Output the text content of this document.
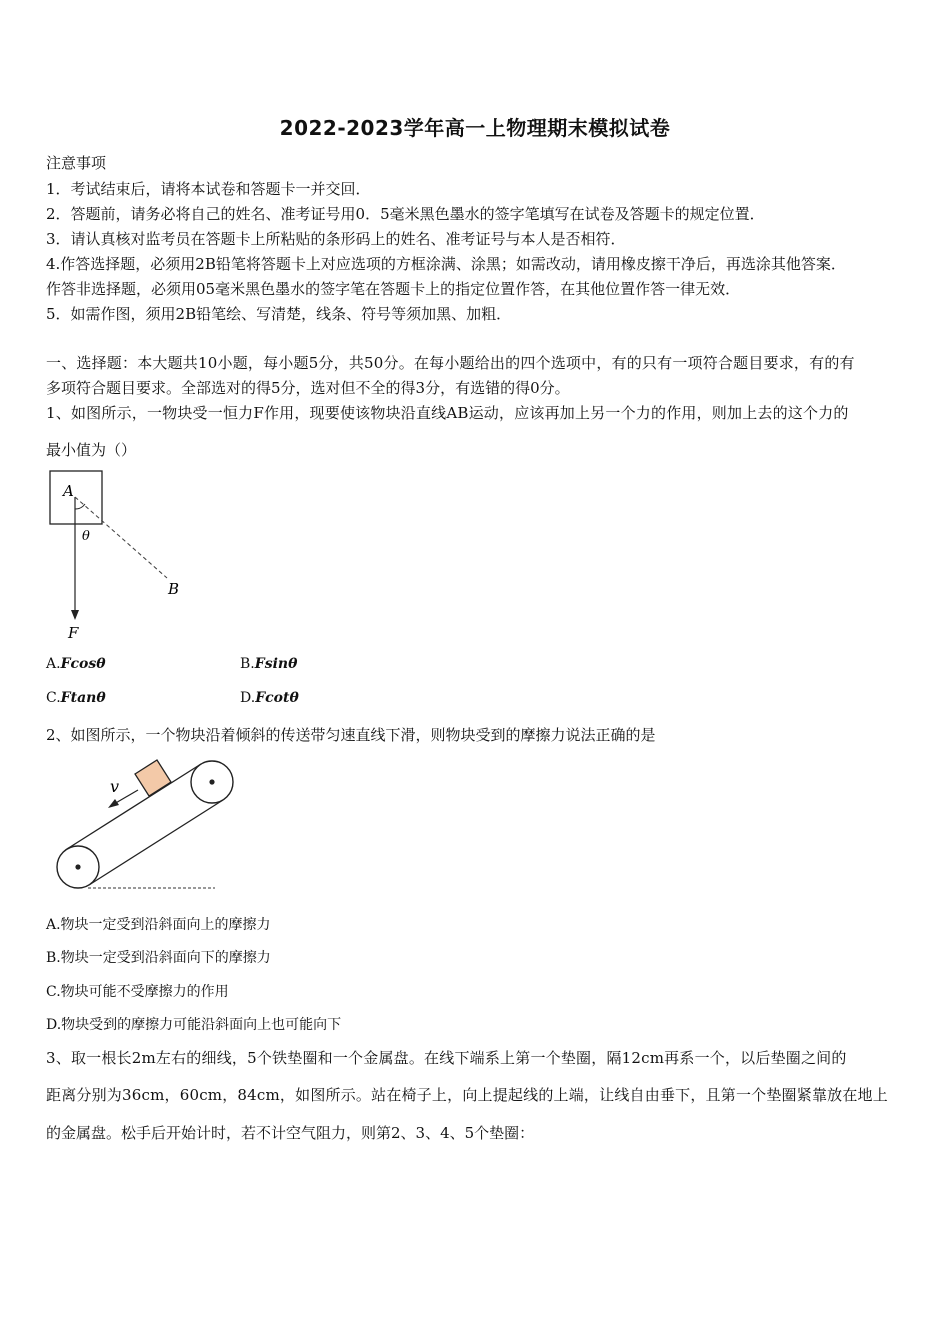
2022-2023学年高一上物理期末模拟试卷
注意事项
1．考试结束后，请将本试卷和答题卡一并交回．
2．答题前，请务必将自己的姓名、准考证号用0．5毫米黑色墨水的签字笔填写在试卷及答题卡的规定位置．
3．请认真核对监考员在答题卡上所粘贴的条形码上的姓名、准考证号与本人是否相符．
4.作答选择题，必须用2B铅笔将答题卡上对应选项的方框涂满、涂黑；如需改动，请用橡皮擦干净后，再选涂其他答案．
作答非选择题，必须用05毫米黑色墨水的签字笔在答题卡上的指定位置作答，在其他位置作答一律无效．
5．如需作图，须用2B铅笔绘、写清楚，线条、符号等须加黑、加粗．
一、选择题：本大题共10小题，每小题5分，共50分。在每小题给出的四个选项中，有的只有一项符合题目要求，有的有
多项符合题目要求。全部选对的得5分，选对但不全的得3分，有选错的得0分。
1、如图所示，一物块受一恒力F作用，现要使该物块沿直线AB运动，应该再加上另一个力的作用，则加上去的这个力的
最小值为（）
A
θ
B
F
A.Fcosθ	B.Fsinθ
C.Ftanθ	D.Fcotθ
2、如图所示，一个物块沿着倾斜的传送带匀速直线下滑，则物块受到的摩擦力说法正确的是
v
A.物块一定受到沿斜面向上的摩擦力
B.物块一定受到沿斜面向下的摩擦力
C.物块可能不受摩擦力的作用
D.物块受到的摩擦力可能沿斜面向上也可能向下
3、取一根长2m左右的细线，5个铁垫圈和一个金属盘。在线下端系上第一个垫圈，隔12cm再系一个，以后垫圈之间的
距离分别为36cm，60cm，84cm，如图所示。站在椅子上，向上提起线的上端，让线自由垂下，且第一个垫圈紧靠放在地上
的金属盘。松手后开始计时，若不计空气阻力，则第2、3、4、5个垫圈：
